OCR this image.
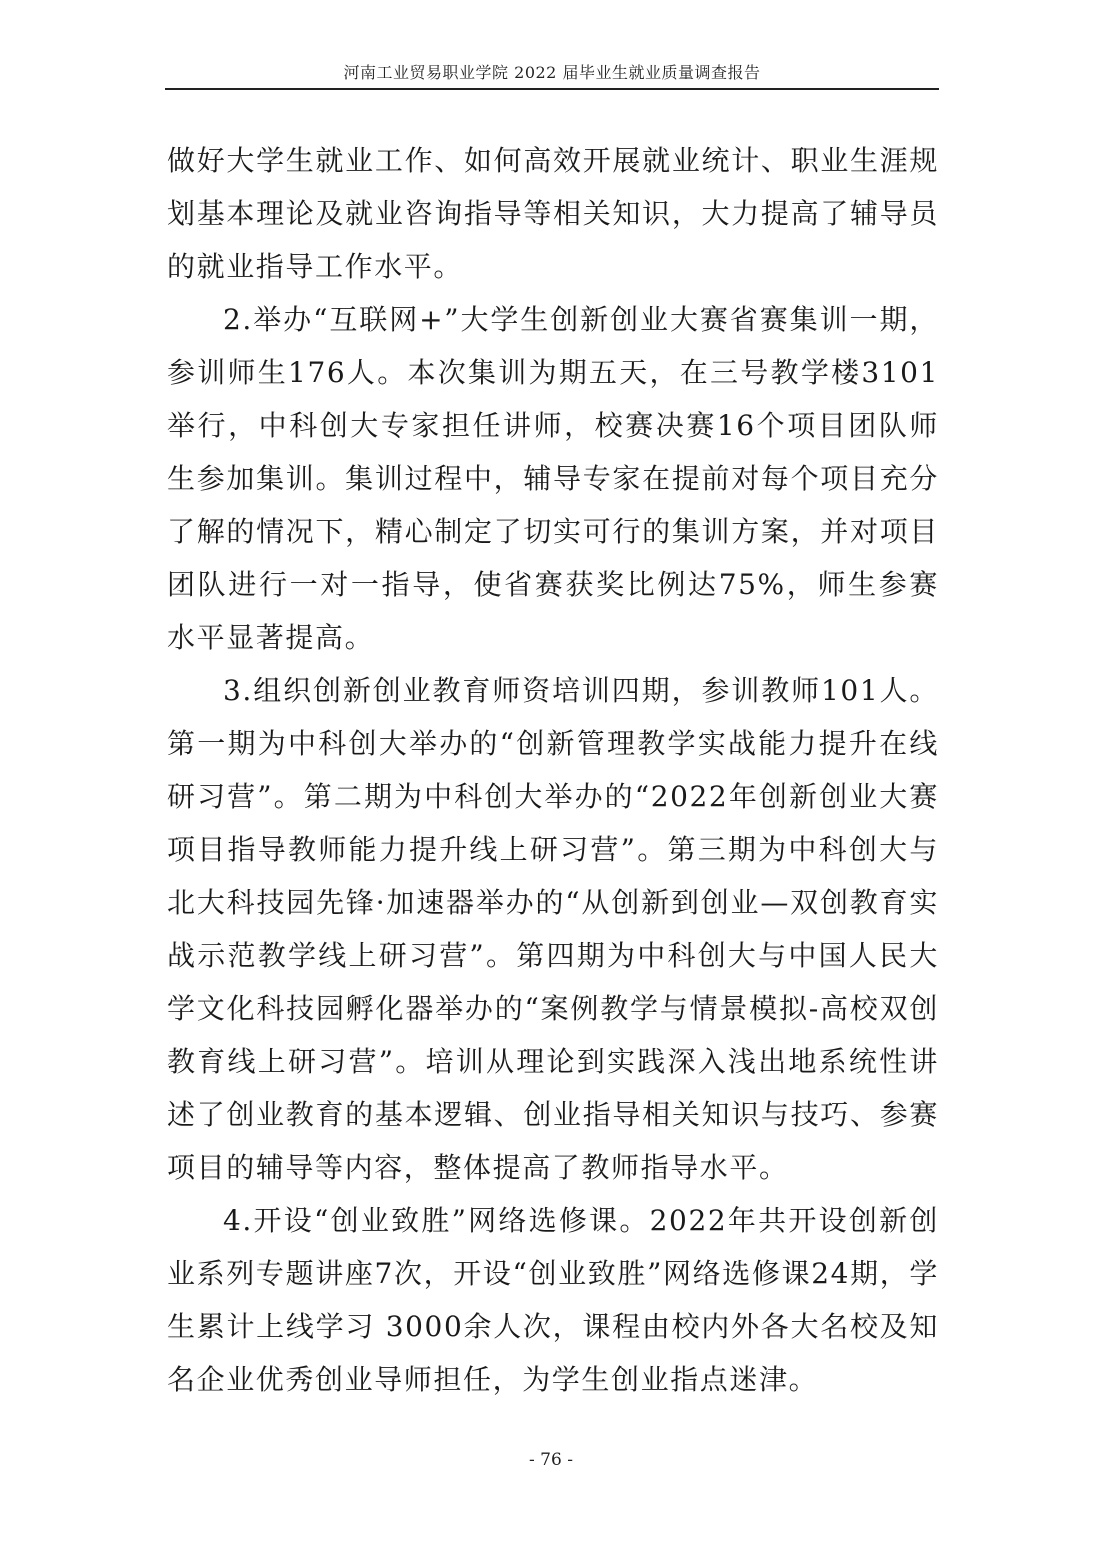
河南工业贸易职业学院 2022 届毕业生就业质量调查报告

做好大学生就业工作、如何高效开展就业统计、职业生涯规划基本理论及就业咨询指导等相关知识，大力提高了辅导员的就业指导工作水平。

2.举办“互联网+”大学生创新创业大赛省赛集训一期，参训师生176人。本次集训为期五天，在三号教学楼3101举行，中科创大专家担任讲师，校赛决赛16个项目团队师生参加集训。集训过程中，辅导专家在提前对每个项目充分了解的情况下，精心制定了切实可行的集训方案，并对项目团队进行一对一指导，使省赛获奖比例达75%，师生参赛水平显著提高。

3.组织创新创业教育师资培训四期，参训教师101人。第一期为中科创大举办的“创新管理教学实战能力提升在线研习营”。第二期为中科创大举办的“2022年创新创业大赛项目指导教师能力提升线上研习营”。第三期为中科创大与北大科技园先锋·加速器举办的“从创新到创业—双创教育实战示范教学线上研习营”。第四期为中科创大与中国人民大学文化科技园孵化器举办的“案例教学与情景模拟-高校双创教育线上研习营”。培训从理论到实践深入浅出地系统性讲述了创业教育的基本逻辑、创业指导相关知识与技巧、参赛项目的辅导等内容，整体提高了教师指导水平。

4.开设“创业致胜”网络选修课。2022年共开设创新创业系列专题讲座7次，开设“创业致胜”网络选修课24期，学生累计上线学习 3000余人次，课程由校内外各大名校及知名企业优秀创业导师担任，为学生创业指点迷津。

- 76 -
